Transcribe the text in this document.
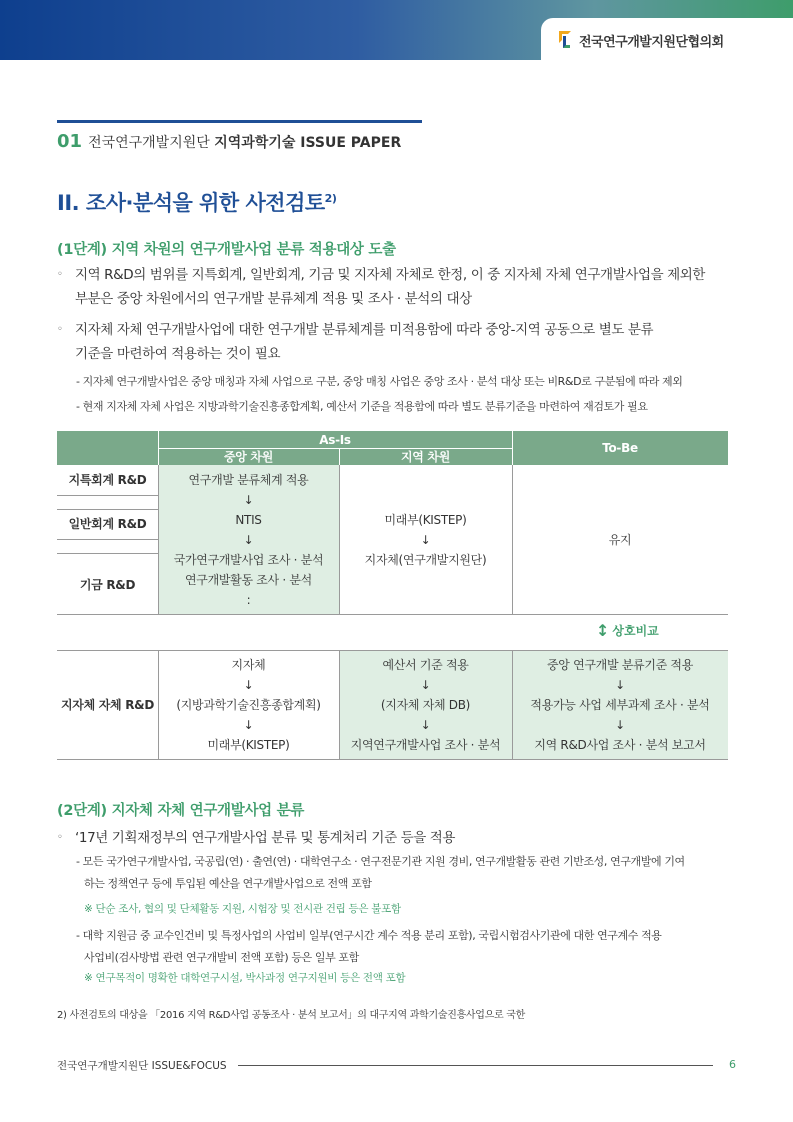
전국연구개발지원단협의회
01 전국연구개발지원단 지역과학기술 ISSUE PAPER
II. 조사·분석을 위한 사전검토$^{2)}$
(1단계) 지역 차원의 연구개발사업 분류 적용대상 도출
◦ 지역 R&D의 범위를 지특회계, 일반회계, 기금 및 지자체 자체로 한정, 이 중 지자체 자체 연구개발사업을 제외한
부분은 중앙 차원에서의 연구개발 분류체계 적용 및 조사 · 분석의 대상
◦ 지자체 자체 연구개발사업에 대한 연구개발 분류체계를 미적용함에 따라 중앙-지역 공동으로 별도 분류
기준을 마련하여 적용하는 것이 필요
- 지자체 연구개발사업은 중앙 매칭과 자체 사업으로 구분, 중앙 매칭 사업은 중앙 조사 · 분석 대상 또는 비R&D로 구분됨에 따라 제외
- 현재 지자체 자체 사업은 지방과학기술진흥종합계획, 예산서 기준을 적용함에 따라 별도 분류기준을 마련하여 재검토가 필요
As-Is
중앙 차원	지역 차원
To-Be
연구개발 분류체계 적용
↓
NTIS
↓
국가연구개발사업 조사 · 분석
연구개발활동 조사 · 분석
:
미래부(KISTEP)
↓
지자체(연구개발지원단)
유지
지특회계 R&D
일반회계 R&D
기금 R&D
지자체 자체 R&D
지자체
↓
(지방과학기술진흥종합계획)
↓
미래부(KISTEP)
예산서 기준 적용
↓
(지자체 자체 DB)
↓
지역연구개발사업 조사 · 분석
중앙 연구개발 분류기준 적용
↓
적용가능 사업 세부과제 조사 · 분석
↓
지역 R&D사업 조사 · 분석 보고서
↕ 상호비교
(2단계) 지자체 자체 연구개발사업 분류
◦ ‘17년 기획재정부의 연구개발사업 분류 및 통계처리 기준 등을 적용
- 모든 국가연구개발사업, 국공립(연) · 출연(연) · 대학연구소 · 연구전문기관 지원 경비, 연구개발활동 관련 기반조성, 연구개발에 기여
하는 정책연구 등에 투입된 예산을 연구개발사업으로 전액 포함
※ 단순 조사, 협의 및 단체활동 지원, 시험장 및 전시관 건립 등은 불포함
- 대학 지원금 중 교수인건비 및 특정사업의 사업비 일부(연구시간 계수 적용 분리 포함), 국립시험검사기관에 대한 연구계수 적용
사업비(검사방법 관련 연구개발비 전액 포함) 등은 일부 포함
※ 연구목적이 명확한 대학연구시설, 박사과정 연구지원비 등은 전액 포함
2) 사전검토의 대상을 「2016 지역 R&D사업 공동조사 · 분석 보고서」의 대구지역 과학기술진흥사업으로 국한
전국연구개발지원단 ISSUE&FOCUS	6
